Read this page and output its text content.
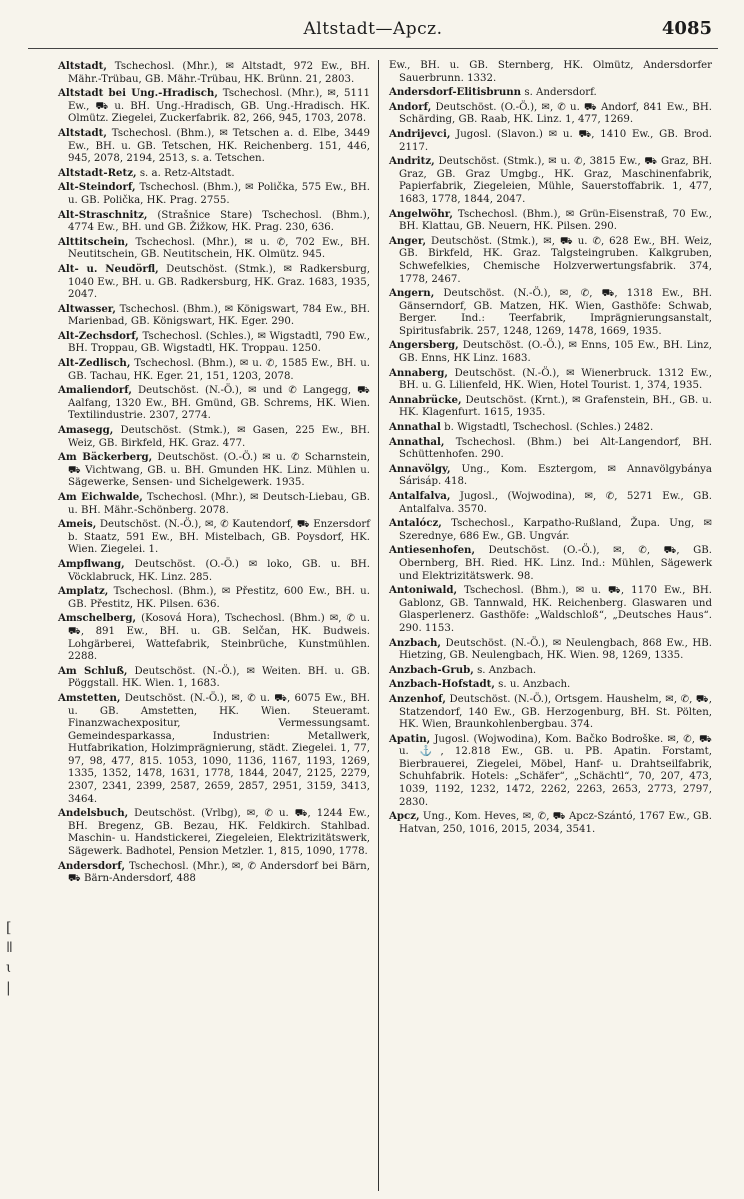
Altstadt—Apcz.	4085
[
ǁ
ɩ
|

Altstadt, Tschechosl. (Mhr.), ✉ Altstadt, 972 Ew., BH. Mähr.-Trübau, GB. Mähr.-Trübau, HK. Brünn. 21, 2803.

Altstadt bei Ung.-Hradisch, Tschechosl. (Mhr.), ✉, 5111 Ew., ⛟ u. BH. Ung.-Hradisch, GB. Ung.-Hradisch. HK. Olmütz. Ziegelei, Zuckerfabrik. 82, 266, 945, 1703, 2078.

Altstadt, Tschechosl. (Bhm.), ✉ Tetschen a. d. Elbe, 3449 Ew., BH. u. GB. Tetschen, HK. Reichenberg. 151, 446, 945, 2078, 2194, 2513, s. a. Tetschen.

Altstadt-Retz, s. a. Retz-Altstadt.

Alt-Steindorf, Tschechosl. (Bhm.), ✉ Polička, 575 Ew., BH. u. GB. Polička, HK. Prag. 2755.

Alt-Straschnitz, (Strašnice Stare) Tschechosl. (Bhm.), 4774 Ew., BH. und GB. Žižkow, HK. Prag. 230, 636.

Alttitschein, Tschechosl. (Mhr.), ✉ u. ✆, 702 Ew., BH. Neutitschein, GB. Neutitschein, HK. Olmütz. 945.

Alt- u. Neudörfl, Deutschöst. (Stmk.), ✉ Radkersburg, 1040 Ew., BH. u. GB. Radkersburg, HK. Graz. 1683, 1935, 2047.

Altwasser, Tschechosl. (Bhm.), ✉ Königswart, 784 Ew., BH. Marienbad, GB. Königswart, HK. Eger. 290.

Alt-Zechsdorf, Tschechosl. (Schles.), ✉ Wigstadtl, 790 Ew., BH. Troppau, GB. Wigstadtl, HK. Troppau. 1250.

Alt-Zedlisch, Tschechosl. (Bhm.), ✉ u. ✆, 1585 Ew., BH. u. GB. Tachau, HK. Eger. 21, 151, 1203, 2078.

Amaliendorf, Deutschöst. (N.-Ö.), ✉ und ✆ Langegg, ⛟ Aalfang, 1320 Ew., BH. Gmünd, GB. Schrems, HK. Wien. Textilindustrie. 2307, 2774.

Amasegg, Deutschöst. (Stmk.), ✉ Gasen, 225 Ew., BH. Weiz, GB. Birkfeld, HK. Graz. 477.

Am Bäckerberg, Deutschöst. (O.-Ö.) ✉ u. ✆ Scharnstein, ⛟ Vichtwang, GB. u. BH. Gmunden HK. Linz. Mühlen u. Sägewerke, Sensen- und Sichelgewerk. 1935.

Am Eichwalde, Tschechosl. (Mhr.), ✉ Deutsch-Liebau, GB. u. BH. Mähr.-Schönberg. 2078.

Ameis, Deutschöst. (N.-Ö.), ✉, ✆ Kautendorf, ⛟ Enzersdorf b. Staatz, 591 Ew., BH. Mistelbach, GB. Poysdorf, HK. Wien. Ziegelei. 1.

Ampflwang, Deutschöst. (O.-Ö.) ✉ loko, GB. u. BH. Vöcklabruck, HK. Linz. 285.

Amplatz, Tschechosl. (Bhm.), ✉ Přestitz, 600 Ew., BH. u. GB. Přestitz, HK. Pilsen. 636.

Amschelberg, (Kosová Hora), Tschechosl. (Bhm.) ✉, ✆ u. ⛟, 891 Ew., BH. u. GB. Selčan, HK. Budweis. Lohgärberei, Wattefabrik, Steinbrüche, Kunstmühlen. 2288.

Am Schluß, Deutschöst. (N.-Ö.), ✉ Weiten. BH. u. GB. Pöggstall. HK. Wien. 1, 1683.

Amstetten, Deutschöst. (N.-Ö.), ✉, ✆ u. ⛟, 6075 Ew., BH. u. GB. Amstetten, HK. Wien. Steueramt. Finanzwachexpositur, Vermessungsamt. Gemeindesparkassa, Industrien: Metallwerk, Hutfabrikation, Holzimprägnierung, städt. Ziegelei. 1, 77, 97, 98, 477, 815. 1053, 1090, 1136, 1167, 1193, 1269, 1335, 1352, 1478, 1631, 1778, 1844, 2047, 2125, 2279, 2307, 2341, 2399, 2587, 2659, 2857, 2951, 3159, 3413, 3464.

Andelsbuch, Deutschöst. (Vrlbg), ✉, ✆ u. ⛟, 1244 Ew., BH. Bregenz, GB. Bezau, HK. Feldkirch. Stahlbad. Maschin- u. Handstickerei, Ziegeleien, Elektrizitätswerk, Sägewerk. Badhotel, Pension Metzler. 1, 815, 1090, 1778.

Andersdorf, Tschechosl. (Mhr.), ✉, ✆ Andersdorf bei Bärn, ⛟ Bärn-Andersdorf, 488

Ew., BH. u. GB. Sternberg, HK. Olmütz, Andersdorfer Sauerbrunn. 1332.

Andersdorf-Elitisbrunn s. Andersdorf.

Andorf, Deutschöst. (O.-Ö.), ✉, ✆ u. ⛟ Andorf, 841 Ew., BH. Schärding, GB. Raab, HK. Linz. 1, 477, 1269.

Andrijevci, Jugosl. (Slavon.) ✉ u. ⛟, 1410 Ew., GB. Brod. 2117.

Andritz, Deutschöst. (Stmk.), ✉ u. ✆, 3815 Ew., ⛟ Graz, BH. Graz, GB. Graz Umgbg., HK. Graz, Maschinenfabrik, Papierfabrik, Ziegeleien, Mühle, Sauerstoffabrik. 1, 477, 1683, 1778, 1844, 2047.

Angelwöhr, Tschechosl. (Bhm.), ✉ Grün-Eisenstraß, 70 Ew., BH. Klattau, GB. Neuern, HK. Pilsen. 290.

Anger, Deutschöst. (Stmk.), ✉, ⛟ u. ✆, 628 Ew., BH. Weiz, GB. Birkfeld, HK. Graz. Talgsteingruben. Kalkgruben, Schwefelkies, Chemische Holzverwertungsfabrik. 374, 1778, 2467.

Angern, Deutschöst. (N.-Ö.), ✉, ✆, ⛟, 1318 Ew., BH. Gänserndorf, GB. Matzen, HK. Wien, Gasthöfe: Schwab, Berger. Ind.: Teerfabrik, Imprägnierungsanstalt, Spiritusfabrik. 257, 1248, 1269, 1478, 1669, 1935.

Angersberg, Deutschöst. (O.-Ö.), ✉ Enns, 105 Ew., BH. Linz, GB. Enns, HK Linz. 1683.

Annaberg, Deutschöst. (N.-Ö.), ✉ Wienerbruck. 1312 Ew., BH. u. G. Lilienfeld, HK. Wien, Hotel Tourist. 1, 374, 1935.

Annabrücke, Deutschöst. (Krnt.), ✉ Grafenstein, BH., GB. u. HK. Klagenfurt. 1615, 1935.

Annathal b. Wigstadtl, Tschechosl. (Schles.) 2482.

Annathal, Tschechosl. (Bhm.) bei Alt-Langendorf, BH. Schüttenhofen. 290.

Annavölgy, Ung., Kom. Esztergom, ✉ Annavölgybánya Sárisáp. 418.

Antalfalva, Jugosl., (Wojwodina), ✉, ✆, 5271 Ew., GB. Antalfalva. 3570.

Antalócz, Tschechosl., Karpatho-Rußland, Župa. Ung, ✉ Szerednye, 686 Ew., GB. Ungvár.

Antiesenhofen, Deutschöst. (O.-Ö.), ✉, ✆, ⛟, GB. Obernberg, BH. Ried. HK. Linz. Ind.: Mühlen, Sägewerk und Elektrizitätswerk. 98.

Antoniwald, Tschechosl. (Bhm.), ✉ u. ⛟, 1170 Ew., BH. Gablonz, GB. Tannwald, HK. Reichenberg. Glaswaren und Glasperlenerz. Gasthöfe: „Waldschloß“, „Deutsches Haus“. 290. 1153.

Anzbach, Deutschöst. (N.-Ö.), ✉ Neulengbach, 868 Ew., HB. Hietzing, GB. Neulengbach, HK. Wien. 98, 1269, 1335.

Anzbach-Grub, s. Anzbach.

Anzbach-Hofstadt, s. u. Anzbach.

Anzenhof, Deutschöst. (N.-Ö.), Ortsgem. Haushelm, ✉, ✆, ⛟, Statzendorf, 140 Ew., GB. Herzogenburg, BH. St. Pölten, HK. Wien, Braunkohlenbergbau. 374.

Apatin, Jugosl. (Wojwodina), Kom. Bačko Bodroške. ✉, ✆, ⛟ u. ⚓, 12.818 Ew., GB. u. PB. Apatin. Forstamt, Bierbrauerei, Ziegelei, Möbel, Hanf- u. Drahtseilfabrik, Schuhfabrik. Hotels: „Schäfer“, „Schächtl“, 70, 207, 473, 1039, 1192, 1232, 1472, 2262, 2263, 2653, 2773, 2797, 2830.

Apcz, Ung., Kom. Heves, ✉, ✆, ⛟ Apcz-Szántó, 1767 Ew., GB. Hatvan, 250, 1016, 2015, 2034, 3541.
